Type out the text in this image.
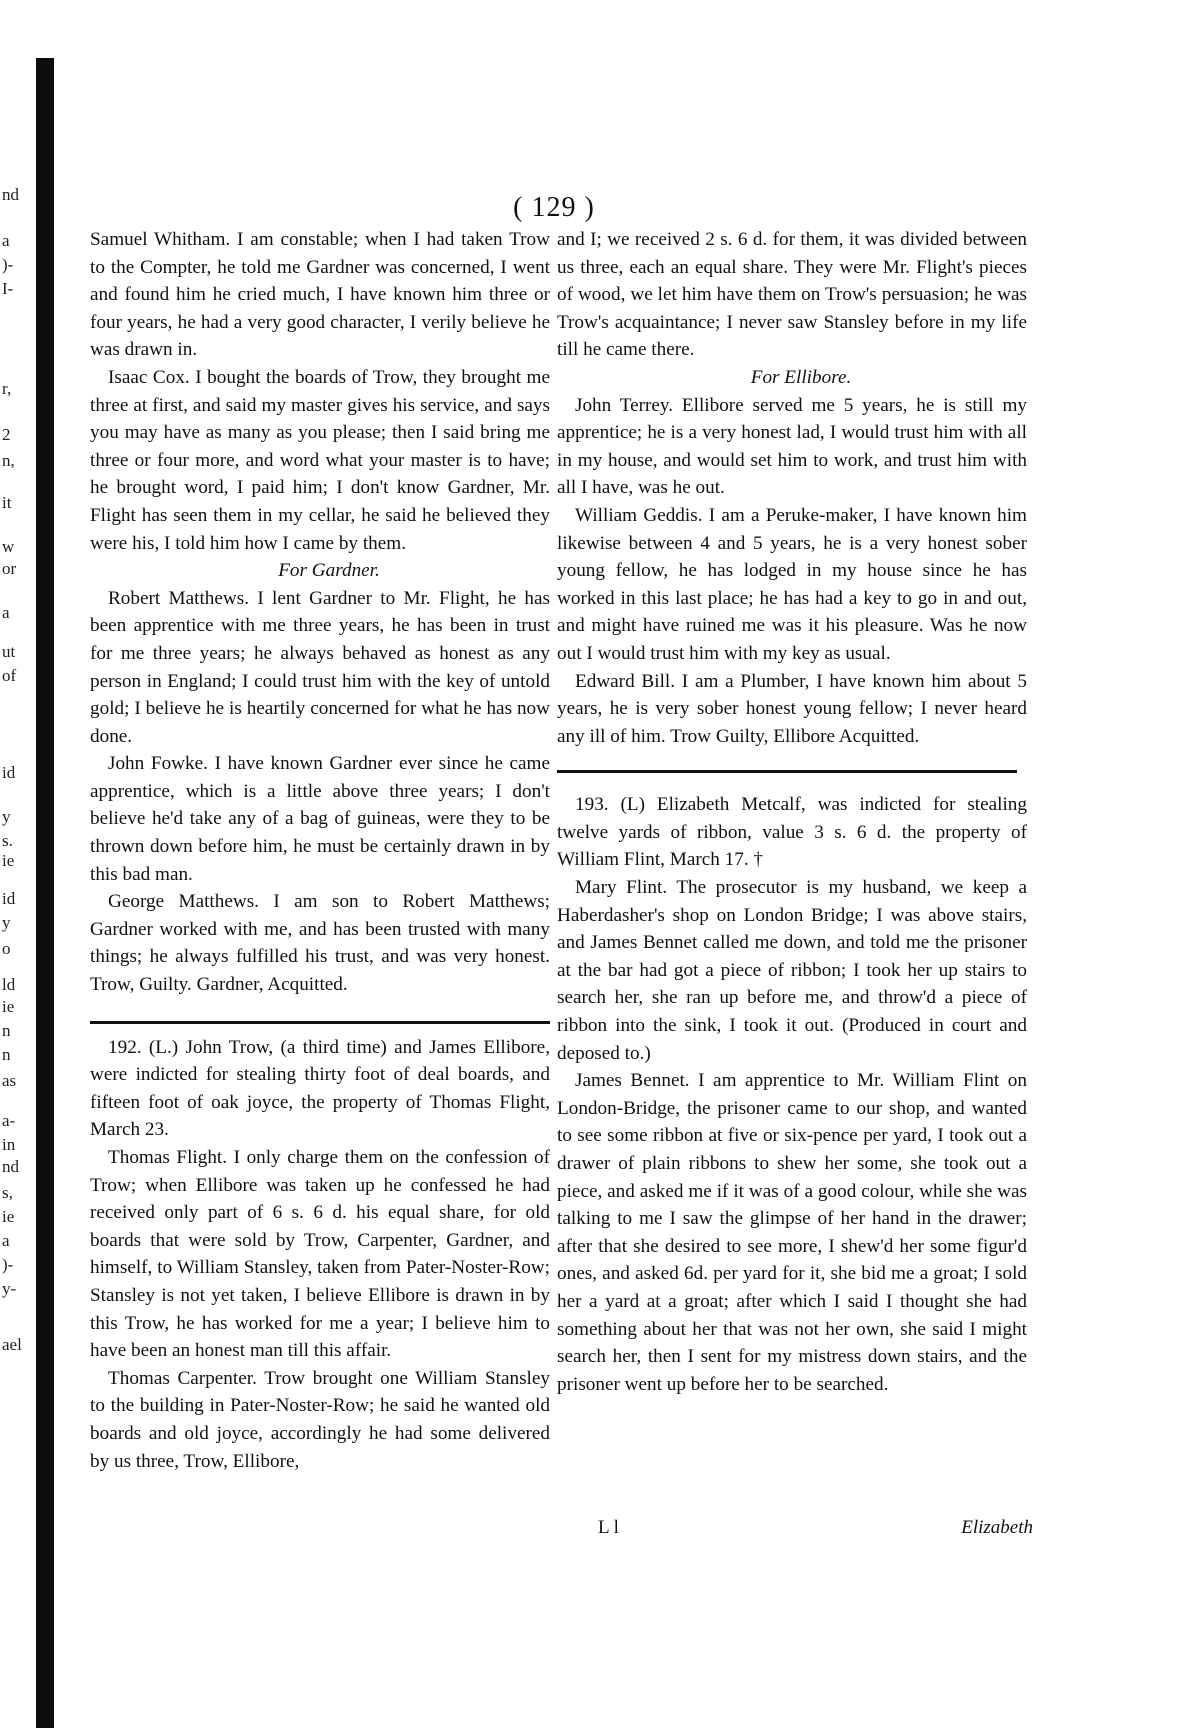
nd
a
)-
I-
r,
2
n,
it
w
or
a
ut
of
id
y
s.
ie
id
y
o
ld
ie
n
n
as
a-
in
nd
s,
ie
a
)-
y-
ael
( 129 )

Samuel Whitham. I am constable; when I had taken Trow to the Compter, he told me Gardner was concerned, I went and found him he cried much, I have known him three or four years, he had a very good character, I verily believe he was drawn in.

Isaac Cox. I bought the boards of Trow, they brought me three at first, and said my master gives his service, and says you may have as many as you please; then I said bring me three or four more, and word what your master is to have; he brought word, I paid him; I don't know Gardner, Mr. Flight has seen them in my cellar, he said he believed they were his, I told him how I came by them.

For Gardner.

Robert Matthews. I lent Gardner to Mr. Flight, he has been apprentice with me three years, he has been in trust for me three years; he always behaved as honest as any person in England; I could trust him with the key of untold gold; I believe he is heartily concerned for what he has now done.

John Fowke. I have known Gardner ever since he came apprentice, which is a little above three years; I don't believe he'd take any of a bag of guineas, were they to be thrown down before him, he must be certainly drawn in by this bad man.

George Matthews. I am son to Robert Matthews; Gardner worked with me, and has been trusted with many things; he always fulfilled his trust, and was very honest. Trow, Guilty. Gardner, Acquitted.

192. (L.) John Trow, (a third time) and James Ellibore, were indicted for stealing thirty foot of deal boards, and fifteen foot of oak joyce, the property of Thomas Flight, March 23.

Thomas Flight. I only charge them on the confession of Trow; when Ellibore was taken up he confessed he had received only part of 6 s. 6 d. his equal share, for old boards that were sold by Trow, Carpenter, Gardner, and himself, to William Stansley, taken from Pater-Noster-Row; Stansley is not yet taken, I believe Ellibore is drawn in by this Trow, he has worked for me a year; I believe him to have been an honest man till this affair.

Thomas Carpenter. Trow brought one William Stansley to the building in Pater-Noster-Row; he said he wanted old boards and old joyce, accordingly he had some delivered by us three, Trow, Ellibore,

and I; we received 2 s. 6 d. for them, it was divided between us three, each an equal share. They were Mr. Flight's pieces of wood, we let him have them on Trow's persuasion; he was Trow's acquaintance; I never saw Stansley before in my life till he came there.

For Ellibore.

John Terrey. Ellibore served me 5 years, he is still my apprentice; he is a very honest lad, I would trust him with all in my house, and would set him to work, and trust him with all I have, was he out.

William Geddis. I am a Peruke-maker, I have known him likewise between 4 and 5 years, he is a very honest sober young fellow, he has lodged in my house since he has worked in this last place; he has had a key to go in and out, and might have ruined me was it his pleasure. Was he now out I would trust him with my key as usual.

Edward Bill. I am a Plumber, I have known him about 5 years, he is very sober honest young fellow; I never heard any ill of him. Trow Guilty, Ellibore Acquitted.

193. (L) Elizabeth Metcalf, was indicted for stealing twelve yards of ribbon, value 3 s. 6 d. the property of William Flint, March 17. †

Mary Flint. The prosecutor is my husband, we keep a Haberdasher's shop on London Bridge; I was above stairs, and James Bennet called me down, and told me the prisoner at the bar had got a piece of ribbon; I took her up stairs to search her, she ran up before me, and throw'd a piece of ribbon into the sink, I took it out. (Produced in court and deposed to.)

James Bennet. I am apprentice to Mr. William Flint on London-Bridge, the prisoner came to our shop, and wanted to see some ribbon at five or six-pence per yard, I took out a drawer of plain ribbons to shew her some, she took out a piece, and asked me if it was of a good colour, while she was talking to me I saw the glimpse of her hand in the drawer; after that she desired to see more, I shew'd her some figur'd ones, and asked 6d. per yard for it, she bid me a groat; I sold her a yard at a groat; after which I said I thought she had something about her that was not her own, she said I might search her, then I sent for my mistress down stairs, and the prisoner went up before her to be searched.

L l	Elizabeth
